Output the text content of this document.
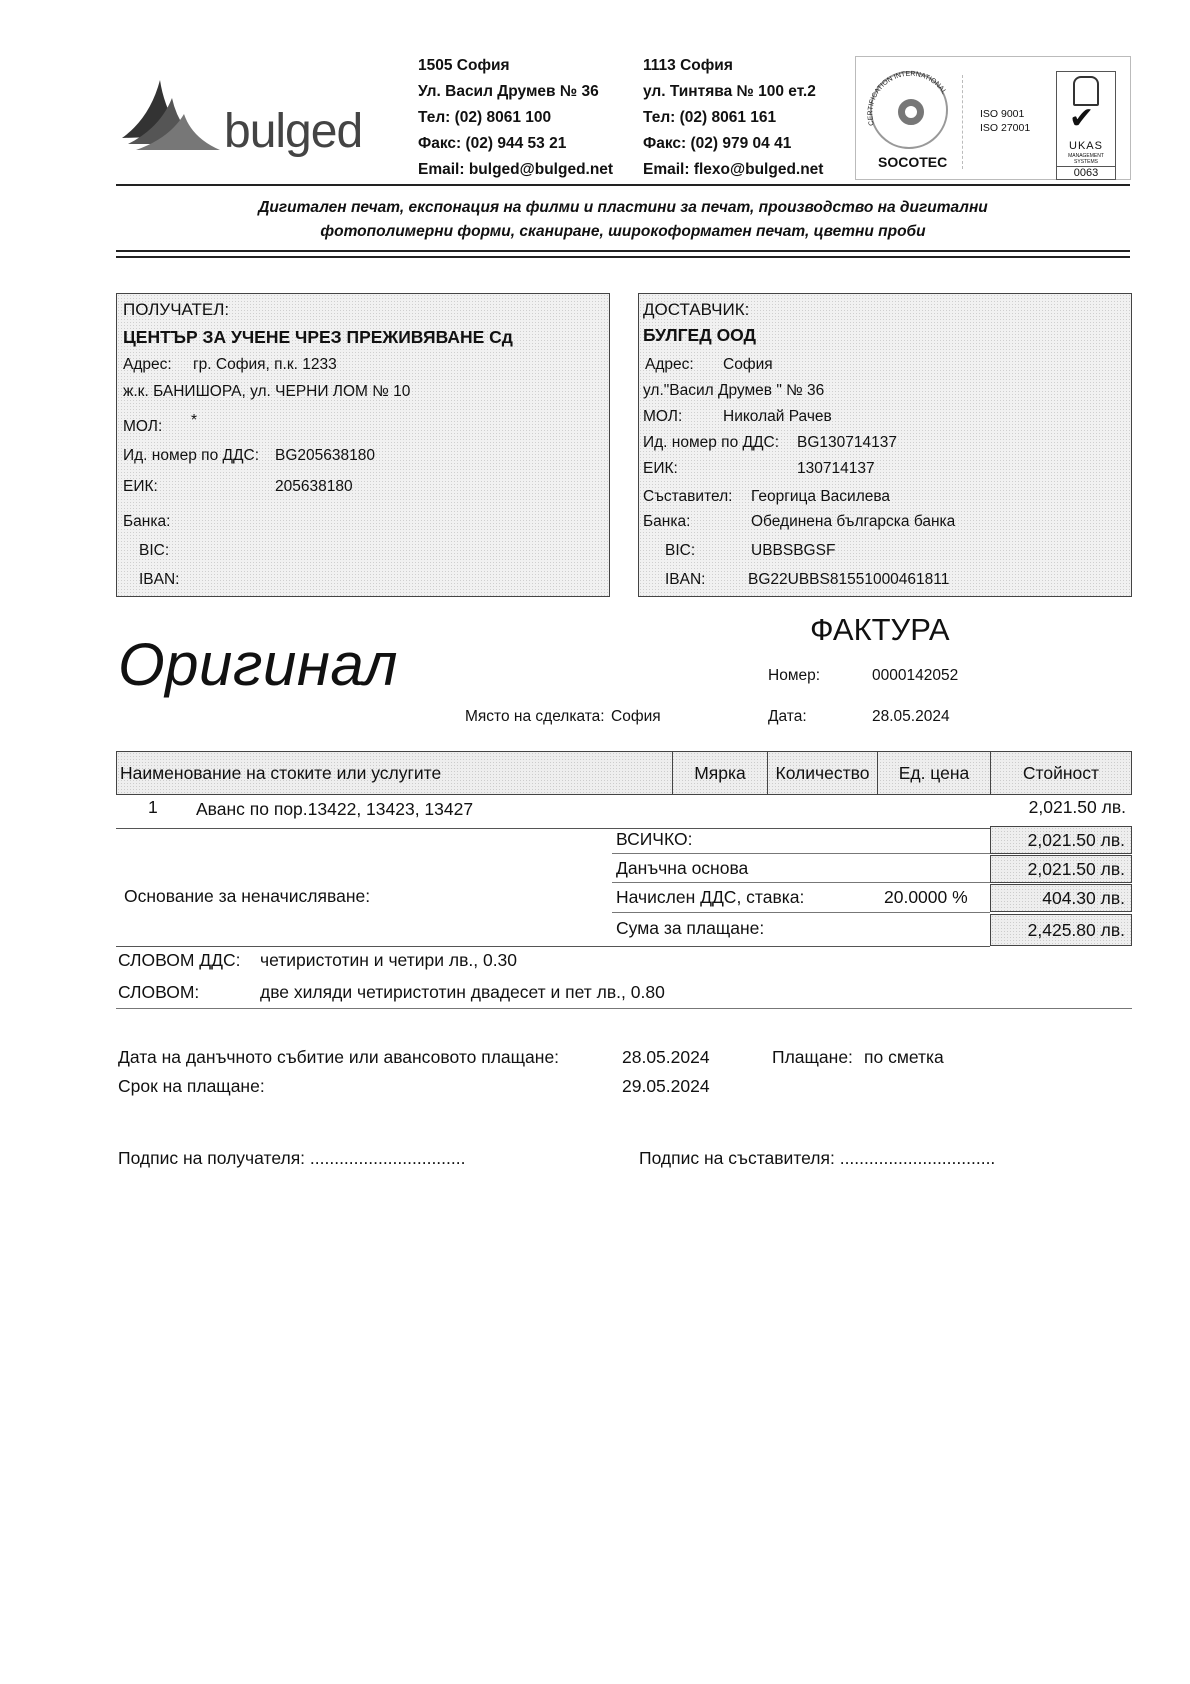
bulged
1505 София
Ул. Васил Друмев № 36
Тел: (02) 8061 100
Факс: (02) 944 53 21
Email: bulged@bulged.net
1113 София
ул. Тинтява № 100 ет.2
Тел: (02) 8061 161
Факс: (02) 979 04 41
Email: flexo@bulged.net
CERTIFICATION INTERNATIONAL
SOCOTEC
ISO 9001
ISO 27001 ✔
UKAS
MANAGEMENT SYSTEMS
0063
Дигитален печат, експонация на филми и пластини за печат, производство на дигитални
фотополимерни форми, сканиране, широкоформатен печат, цветни проби
ПОЛУЧАТЕЛ:
ЦЕНТЪР ЗА УЧЕНЕ ЧРЕЗ ПРЕЖИВЯВАНЕ Сд
Адрес: гр. София, п.к. 1233
ж.к. БАНИШОРА, ул. ЧЕРНИ ЛОМ № 10
МОЛ: *
Ид. номер по ДДС: BG205638180
ЕИК:	205638180
Банка:
BIC:
IBAN:
ДОСТАВЧИК:
БУЛГЕД ООД
Адрес: София
ул."Васил Друмев " № 36
МОЛ:	Николай Рачев
Ид. номер по ДДС: BG130714137
ЕИК:	130714137
Съставител: Георгица Василева
Банка:	Обединена българска банка
BIC:	UBBSBGSF
IBAN:	BG22UBBS81551000461811
Оригинал
ФАКТУРА
Номер:	0000142052
Място на сделката: София	Дата:	28.05.2024
Наименование на стоките или услугите	Мярка	Количество	Ед. цена	Стойност
1 Аванс по пор.13422, 13423, 13427	2,021.50 лв.
Основание за неначисляване:
ВСИЧКО:	2,021.50 лв.
Данъчна основа	2,021.50 лв.
Начислен ДДС, ставка:	20.0000 %	404.30 лв.
Сума за плащане:	2,425.80 лв.
СЛОВОМ ДДС: четиристотин и четири лв., 0.30
СЛОВОМ:	две хиляди четиристотин двадесет и пет лв., 0.80
Дата на данъчното събитие или авансовото плащане:	28.05.2024	Плащане: по сметка
Срок на плащане:	29.05.2024
Подпис на получателя: ................................	Подпис на съставителя: ................................
